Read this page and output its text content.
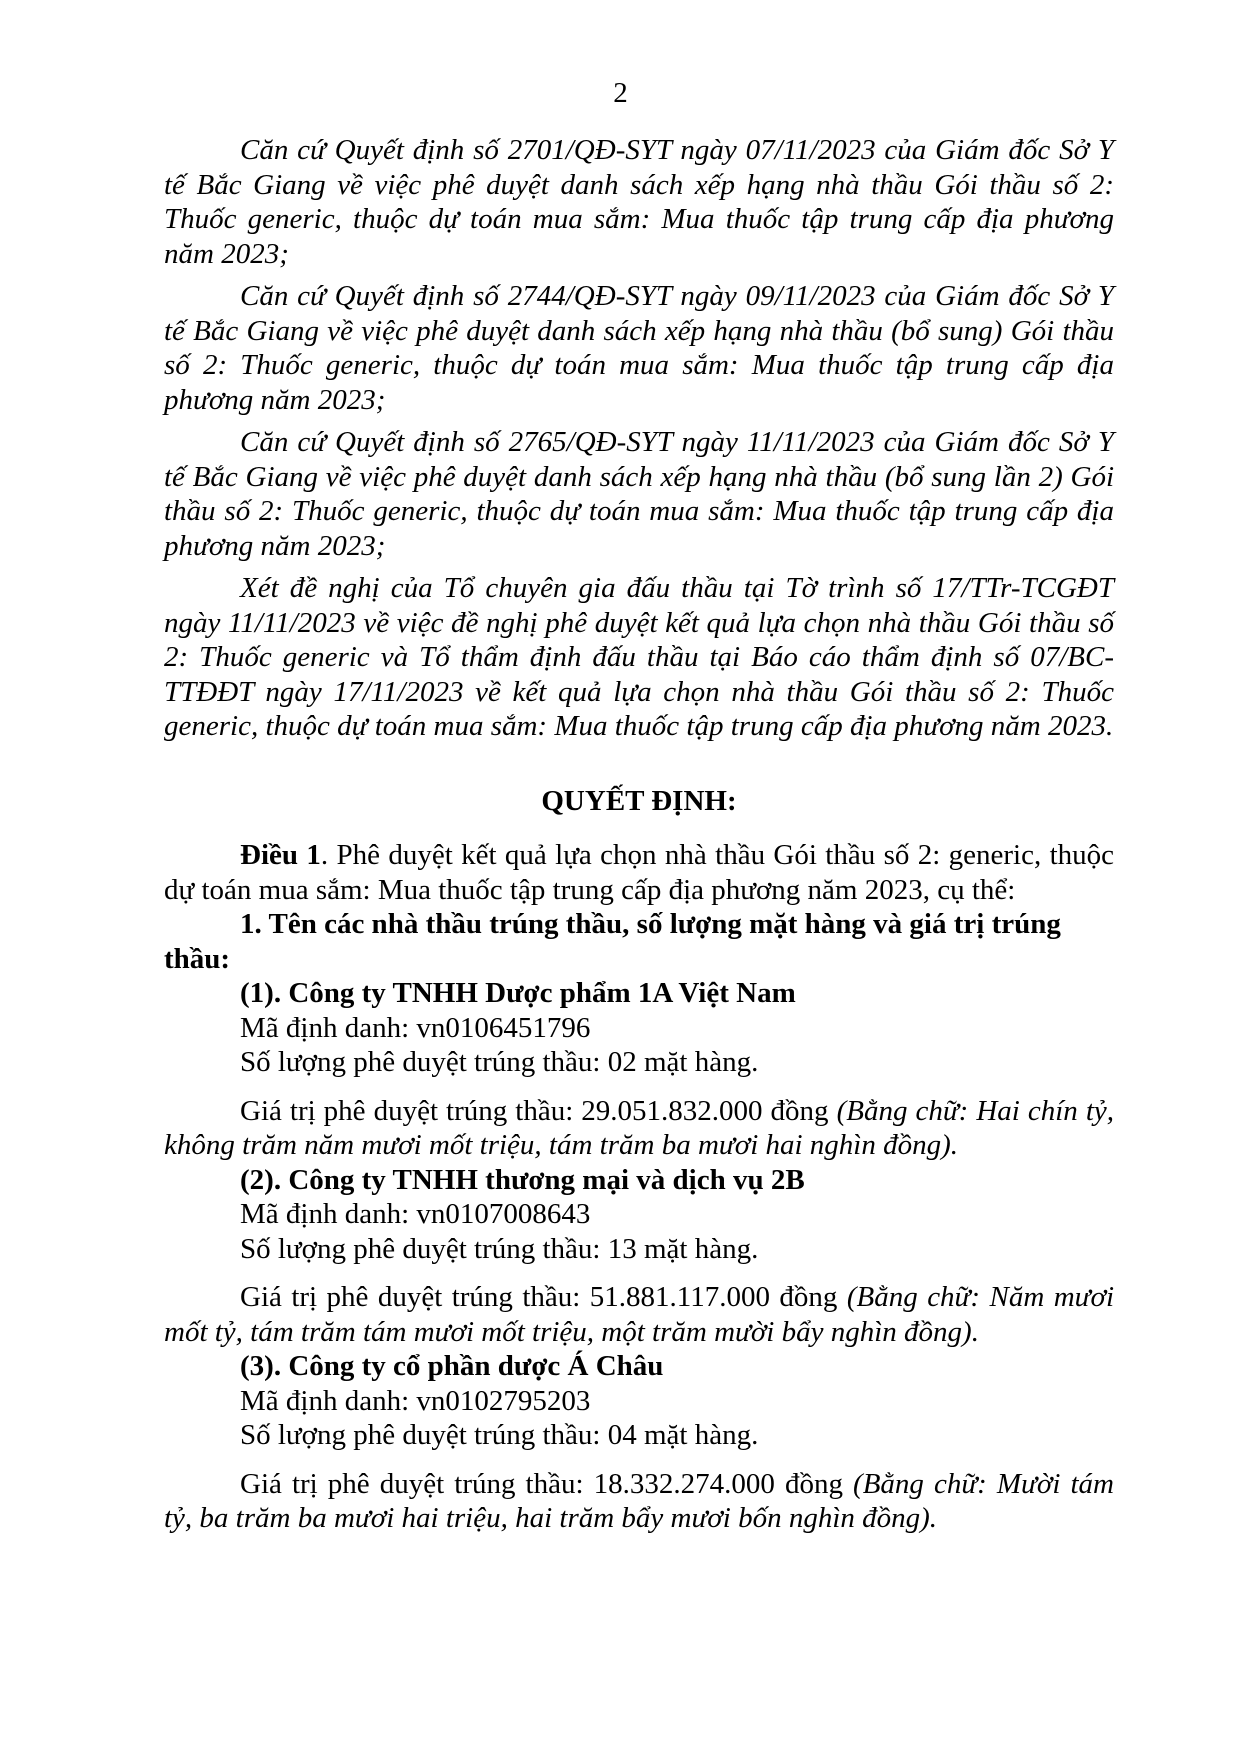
2

Căn cứ Quyết định số 2701/QĐ-SYT ngày 07/11/2023 của Giám đốc Sở Y tế Bắc Giang về việc phê duyệt danh sách xếp hạng nhà thầu Gói thầu số 2: Thuốc generic, thuộc dự toán mua sắm: Mua thuốc tập trung cấp địa phương năm 2023;

Căn cứ Quyết định số 2744/QĐ-SYT ngày 09/11/2023 của Giám đốc Sở Y tế Bắc Giang về việc phê duyệt danh sách xếp hạng nhà thầu (bổ sung) Gói thầu số 2: Thuốc generic, thuộc dự toán mua sắm: Mua thuốc tập trung cấp địa phương năm 2023;

Căn cứ Quyết định số 2765/QĐ-SYT ngày 11/11/2023 của Giám đốc Sở Y tế Bắc Giang về việc phê duyệt danh sách xếp hạng nhà thầu (bổ sung lần 2) Gói thầu số 2: Thuốc generic, thuộc dự toán mua sắm: Mua thuốc tập trung cấp địa phương năm 2023;

Xét đề nghị của Tổ chuyên gia đấu thầu tại Tờ trình số 17/TTr-TCGĐT ngày 11/11/2023 về việc đề nghị phê duyệt kết quả lựa chọn nhà thầu Gói thầu số 2: Thuốc generic và Tổ thẩm định đấu thầu tại Báo cáo thẩm định số 07/BC-TTĐĐT ngày 17/11/2023 về kết quả lựa chọn nhà thầu Gói thầu số 2: Thuốc generic, thuộc dự toán mua sắm: Mua thuốc tập trung cấp địa phương năm 2023.

QUYẾT ĐỊNH:

Điều 1. Phê duyệt kết quả lựa chọn nhà thầu Gói thầu số 2: generic, thuộc dự toán mua sắm: Mua thuốc tập trung cấp địa phương năm 2023, cụ thể:

1. Tên các nhà thầu trúng thầu, số lượng mặt hàng và giá trị trúng thầu:

(1). Công ty TNHH Dược phẩm 1A Việt Nam

Mã định danh: vn0106451796

Số lượng phê duyệt trúng thầu: 02 mặt hàng.

Giá trị phê duyệt trúng thầu: 29.051.832.000 đồng (Bằng chữ: Hai chín tỷ, không trăm năm mươi mốt triệu, tám trăm ba mươi hai nghìn đồng).

(2). Công ty TNHH thương mại và dịch vụ 2B

Mã định danh: vn0107008643

Số lượng phê duyệt trúng thầu: 13 mặt hàng.

Giá trị phê duyệt trúng thầu: 51.881.117.000 đồng (Bằng chữ: Năm mươi mốt tỷ, tám trăm tám mươi mốt triệu, một trăm mười bẩy nghìn đồng).

(3). Công ty cổ phần dược Á Châu

Mã định danh: vn0102795203

Số lượng phê duyệt trúng thầu: 04 mặt hàng.

Giá trị phê duyệt trúng thầu: 18.332.274.000 đồng (Bằng chữ: Mười tám tỷ, ba trăm ba mươi hai triệu, hai trăm bẩy mươi bốn nghìn đồng).
